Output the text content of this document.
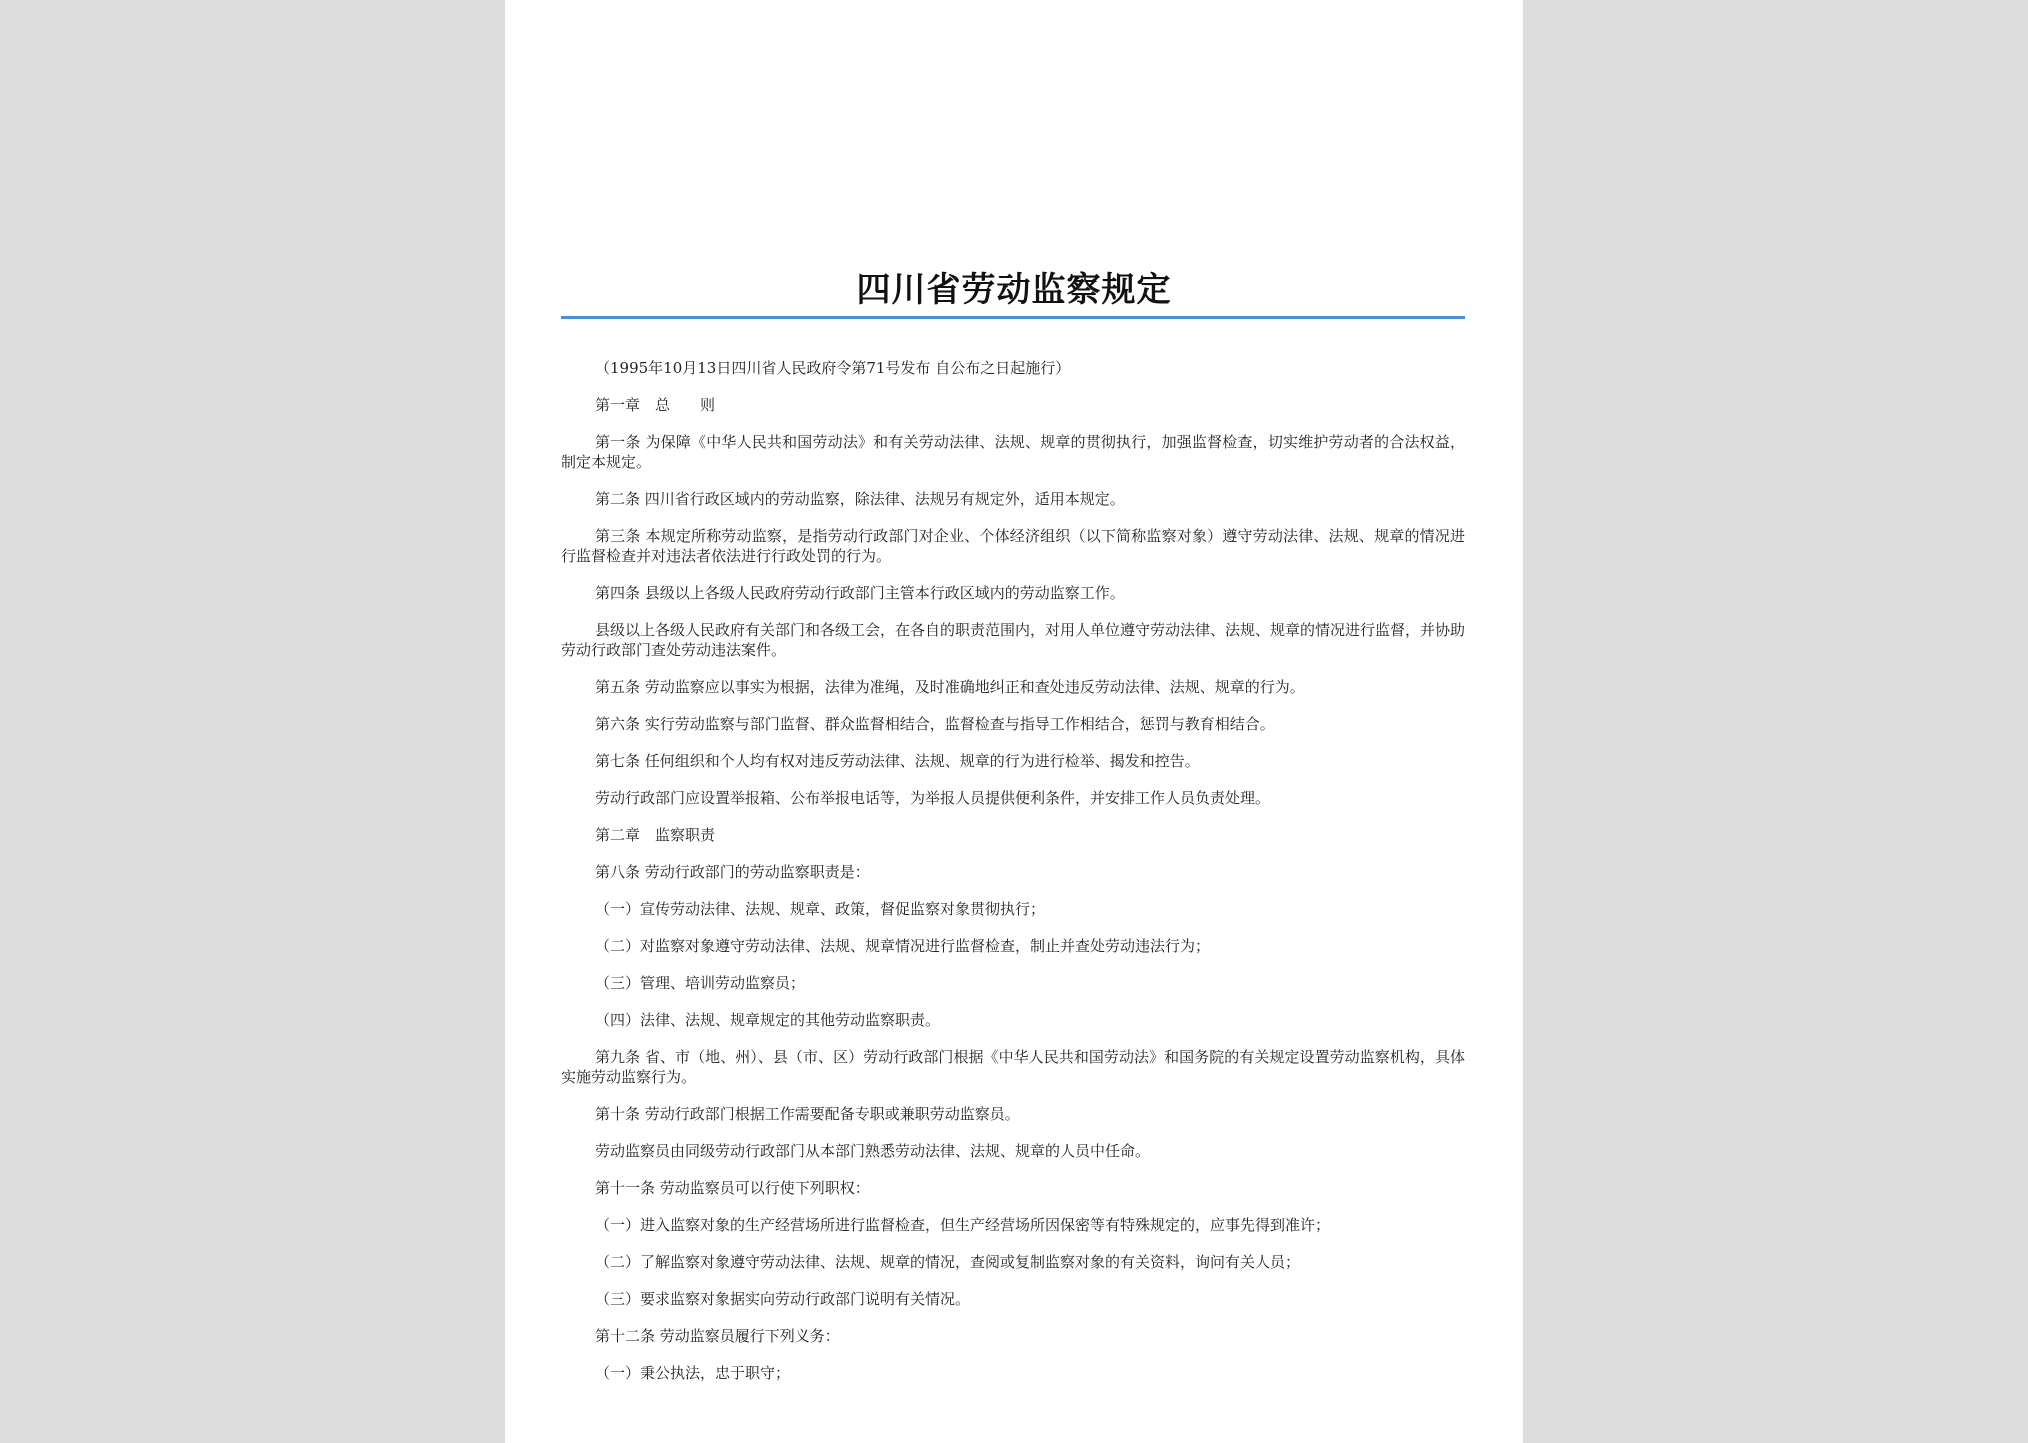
四川省劳动监察规定

（1995年10月13日四川省人民政府令第71号发布 自公布之日起施行）

第一章　总　　则

第一条 为保障《中华人民共和国劳动法》和有关劳动法律、法规、规章的贯彻执行，加强监督检查，切实维护劳动者的合法权益，制定本规定。

第二条 四川省行政区域内的劳动监察，除法律、法规另有规定外，适用本规定。

第三条 本规定所称劳动监察，是指劳动行政部门对企业、个体经济组织（以下简称监察对象）遵守劳动法律、法规、规章的情况进行监督检查并对违法者依法进行行政处罚的行为。

第四条 县级以上各级人民政府劳动行政部门主管本行政区域内的劳动监察工作。

县级以上各级人民政府有关部门和各级工会，在各自的职责范围内，对用人单位遵守劳动法律、法规、规章的情况进行监督，并协助劳动行政部门查处劳动违法案件。

第五条 劳动监察应以事实为根据，法律为准绳，及时准确地纠正和查处违反劳动法律、法规、规章的行为。

第六条 实行劳动监察与部门监督、群众监督相结合，监督检查与指导工作相结合，惩罚与教育相结合。

第七条 任何组织和个人均有权对违反劳动法律、法规、规章的行为进行检举、揭发和控告。

劳动行政部门应设置举报箱、公布举报电话等，为举报人员提供便利条件，并安排工作人员负责处理。

第二章　监察职责

第八条 劳动行政部门的劳动监察职责是：

（一）宣传劳动法律、法规、规章、政策，督促监察对象贯彻执行；

（二）对监察对象遵守劳动法律、法规、规章情况进行监督检查，制止并查处劳动违法行为；

（三）管理、培训劳动监察员；

（四）法律、法规、规章规定的其他劳动监察职责。

第九条 省、市（地、州）、县（市、区）劳动行政部门根据《中华人民共和国劳动法》和国务院的有关规定设置劳动监察机构，具体实施劳动监察行为。

第十条 劳动行政部门根据工作需要配备专职或兼职劳动监察员。

劳动监察员由同级劳动行政部门从本部门熟悉劳动法律、法规、规章的人员中任命。

第十一条 劳动监察员可以行使下列职权：

（一）进入监察对象的生产经营场所进行监督检查，但生产经营场所因保密等有特殊规定的，应事先得到准许；

（二）了解监察对象遵守劳动法律、法规、规章的情况，查阅或复制监察对象的有关资料，询问有关人员；

（三）要求监察对象据实向劳动行政部门说明有关情况。

第十二条 劳动监察员履行下列义务：

（一）秉公执法，忠于职守；
